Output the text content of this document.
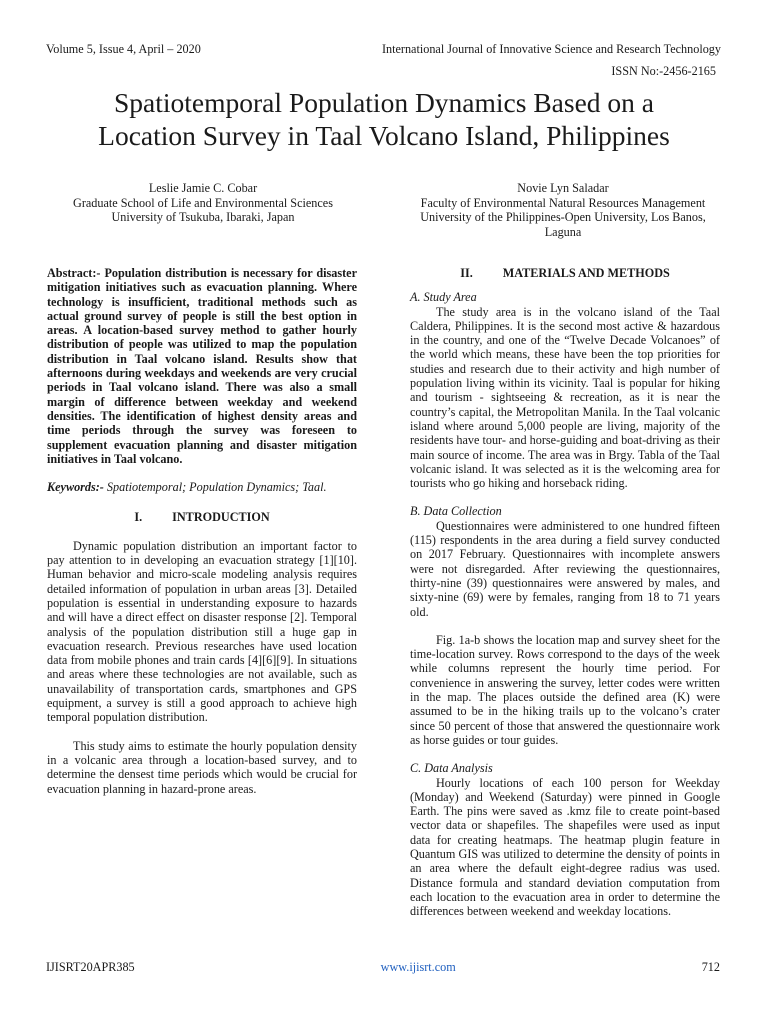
Volume 5, Issue 4, April – 2020	International Journal of Innovative Science and Research Technology
ISSN No:-2456-2165
Spatiotemporal Population Dynamics Based on a
Location Survey in Taal Volcano Island, Philippines
Leslie Jamie C. Cobar
Graduate School of Life and Environmental Sciences
University of Tsukuba, Ibaraki, Japan
Novie Lyn Saladar
Faculty of Environmental Natural Resources Management
University of the Philippines-Open University, Los Banos,
Laguna

Abstract:- Population distribution is necessary for disaster mitigation initiatives such as evacuation planning. Where technology is insufficient, traditional methods such as actual ground survey of people is still the best option in areas. A location-based survey method to gather hourly distribution of people was utilized to map the population distribution in Taal volcano island. Results show that afternoons during weekdays and weekends are very crucial periods in Taal volcano island. There was also a small margin of difference between weekday and weekend densities. The identification of highest density areas and time periods through the survey was foreseen to supplement evacuation planning and disaster mitigation initiatives in Taal volcano.

Keywords:- Spatiotemporal; Population Dynamics; Taal.

I. INTRODUCTION

Dynamic population distribution an important factor to pay attention to in developing an evacuation strategy [1][10]. Human behavior and micro-scale modeling analysis requires detailed information of population in urban areas [3]. Detailed population is essential in understanding exposure to hazards and will have a direct effect on disaster response [2]. Temporal analysis of the population distribution still a huge gap in evacuation research. Previous researches have used location data from mobile phones and train cards [4][6][9]. In situations and areas where these technologies are not available, such as unavailability of transportation cards, smartphones and GPS equipment, a survey is still a good approach to achieve high temporal population distribution.

This study aims to estimate the hourly population density in a volcanic area through a location-based survey, and to determine the densest time periods which would be crucial for evacuation planning in hazard-prone areas.

II. MATERIALS AND METHODS

A. Study Area

The study area is in the volcano island of the Taal Caldera, Philippines. It is the second most active & hazardous in the country, and one of the “Twelve Decade Volcanoes” of the world which means, these have been the top priorities for studies and research due to their activity and high number of population living within its vicinity. Taal is popular for hiking and tourism - sightseeing & recreation, as it is near the country’s capital, the Metropolitan Manila. In the Taal volcanic island where around 5,000 people are living, majority of the residents have tour- and horse-guiding and boat-driving as their main source of income. The area was in Brgy. Tabla of the Taal volcanic island. It was selected as it is the welcoming area for tourists who go hiking and horseback riding.

B. Data Collection

Questionnaires were administered to one hundred fifteen (115) respondents in the area during a field survey conducted on 2017 February. Questionnaires with incomplete answers were not disregarded. After reviewing the questionnaires, thirty-nine (39) questionnaires were answered by males, and sixty-nine (69) were by females, ranging from 18 to 71 years old.

Fig. 1a-b shows the location map and survey sheet for the time-location survey. Rows correspond to the days of the week while columns represent the hourly time period. For convenience in answering the survey, letter codes were written in the map. The places outside the defined area (K) were assumed to be in the hiking trails up to the volcano’s crater since 50 percent of those that answered the questionnaire work as horse guides or tour guides.

C. Data Analysis

Hourly locations of each 100 person for Weekday (Monday) and Weekend (Saturday) were pinned in Google Earth. The pins were saved as .kmz file to create point-based vector data or shapefiles. The shapefiles were used as input data for creating heatmaps. The heatmap plugin feature in Quantum GIS was utilized to determine the density of points in an area where the default eight-degree radius was used. Distance formula and standard deviation computation from each location to the evacuation area in order to determine the differences between weekend and weekday locations.

IJISRT20APR385	www.ijisrt.com	712
